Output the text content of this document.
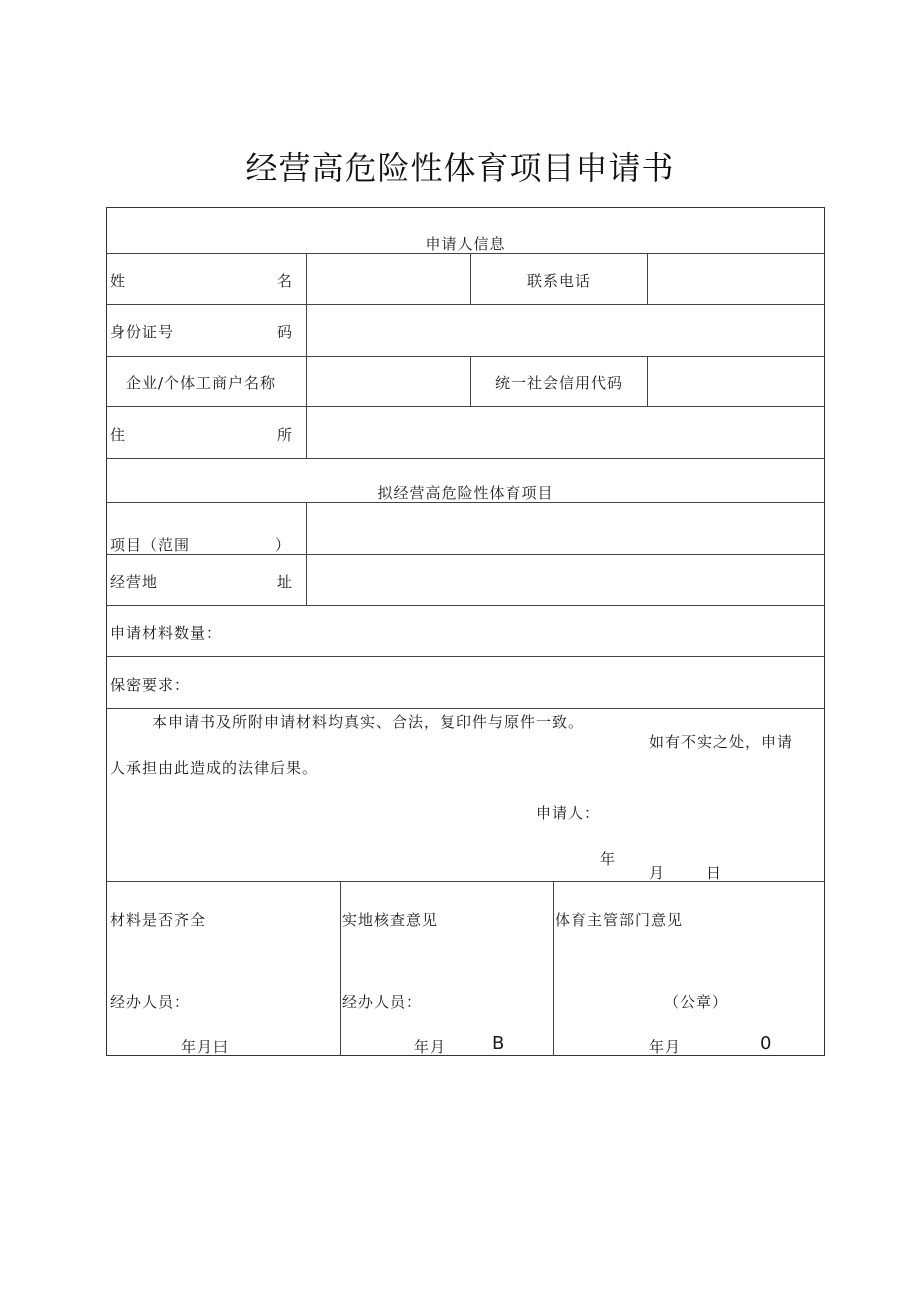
经营高危险性体育项目申请书
申请人信息
姓	名	联系电话
身份证号	码
企业/个体工商户名称	统一社会信用代码
住	所
拟经营高危险性体育项目
项目（范围	）
经营地	址
申请材料数量：
保密要求：
本申请书及所附申请材料均真实、合法，复印件与原件一致。
如有不实之处，申请
人承担由此造成的法律后果。
申请人：
年
月	日
材料是否齐全	实地核查意见	体育主管部门意见
经办人员：	经办人员：	（公章）
年月曰	年月	B	年月	0
